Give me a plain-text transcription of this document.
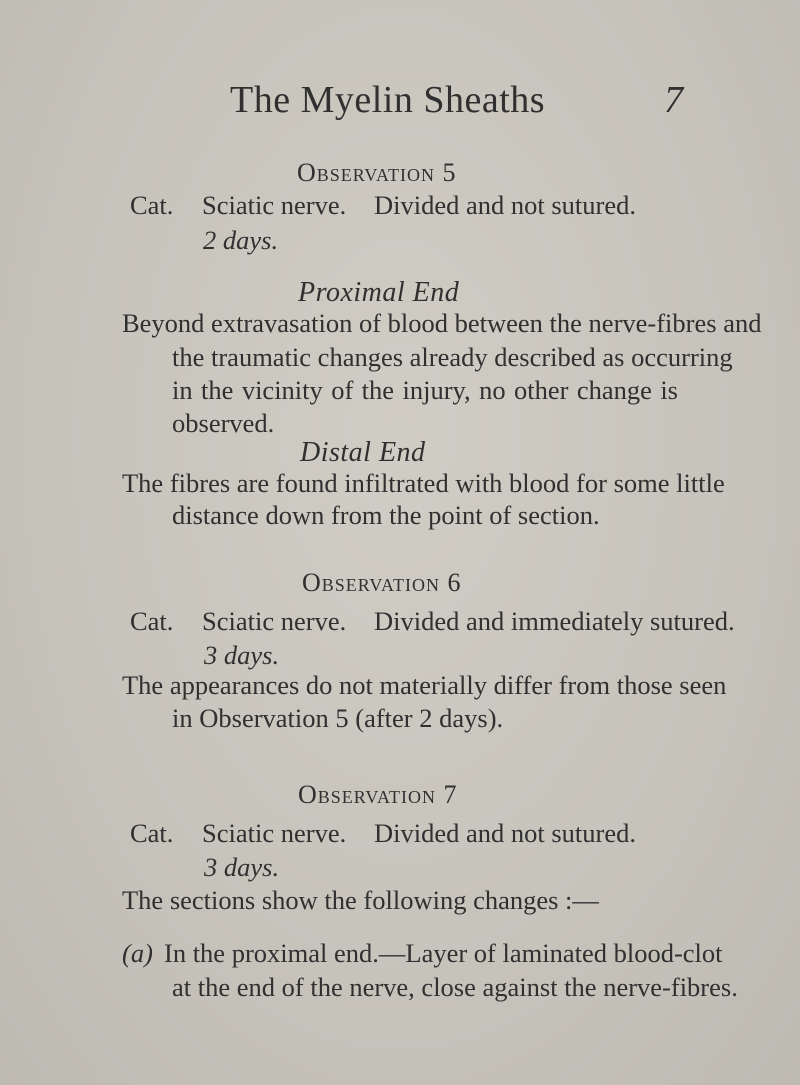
The Myelin Sheaths	7
Observation 5
Cat. Sciatic nerve. Divided and not sutured.
2 days.
Proximal End
Beyond extravasation of blood between the nerve-fibres and
the traumatic changes already described as occurring
in the vicinity of the injury, no other change is
observed.
Distal End
The fibres are found infiltrated with blood for some little
distance down from the point of section.
Observation 6
Cat. Sciatic nerve. Divided and immediately sutured.
3 days.
The appearances do not materially differ from those seen
in Observation 5 (after 2 days).
Observation 7
Cat. Sciatic nerve. Divided and not sutured.
3 days.
The sections show the following changes :—
(a) In the proximal end.—Layer of laminated blood-clot
at the end of the nerve, close against the nerve-fibres.
